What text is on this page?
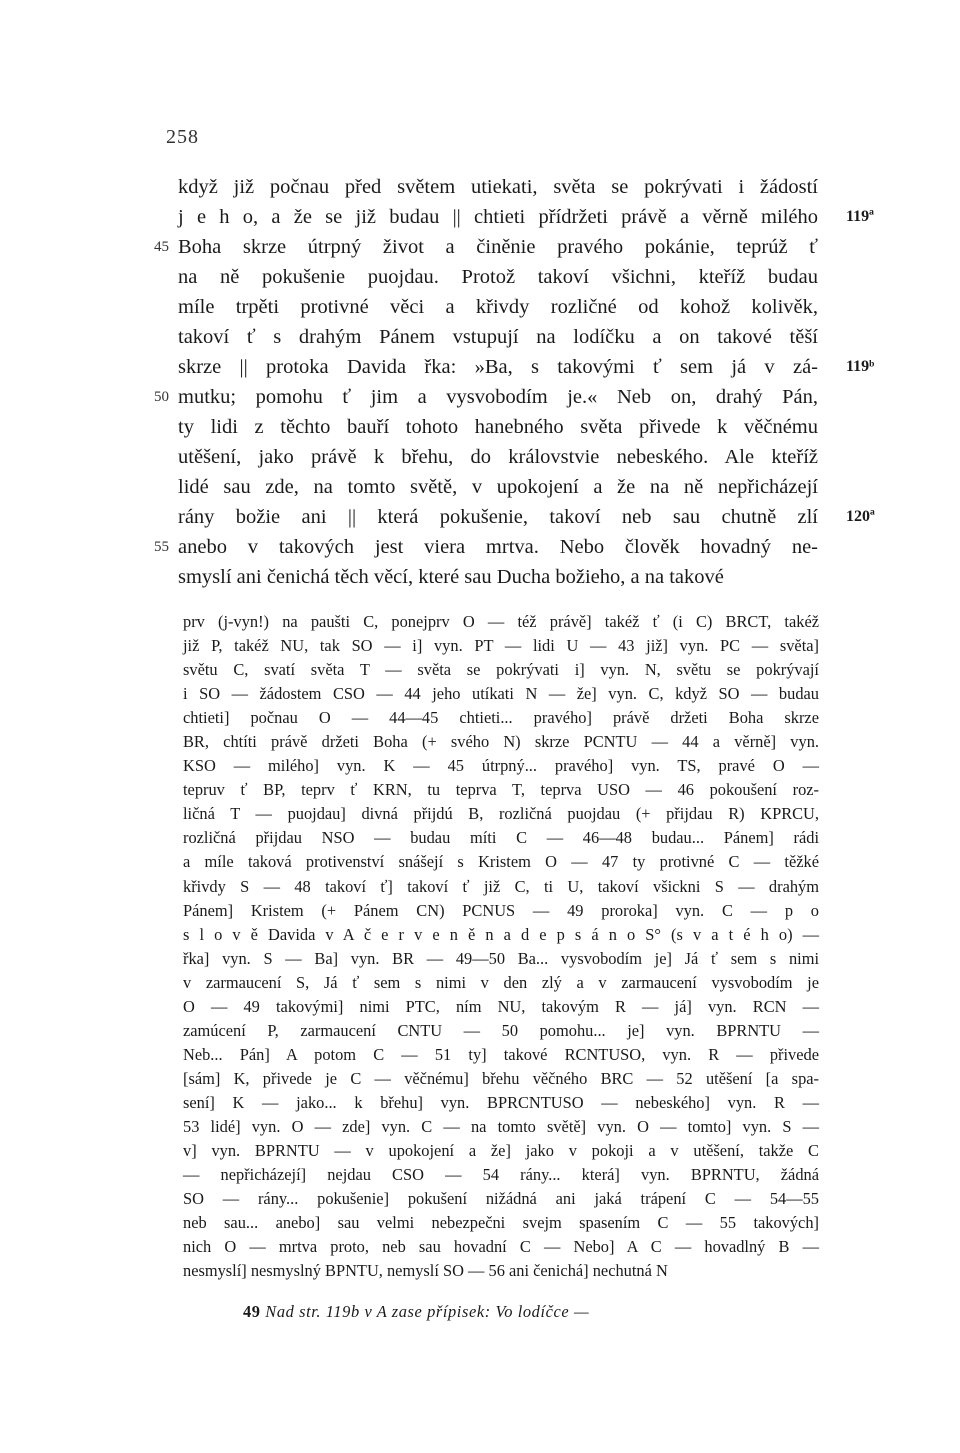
258
když již počnau před světem utiekati, světa se pokrývati i žádostí
j e h o, a že se již budau || chtieti přídržeti právě a věrně milého 119ª
Boha skrze útrpný život a činěnie pravého pokánie, teprúž ť
45
na ně pokušenie puojdau. Protož takoví všichni, kteříž budau
míle trpěti protivné věci a křivdy rozličné od kohož kolivěk,
takoví ť s drahým Pánem vstupují na lodíčku a on takové těší
skrze || protoka Davida řka: »Ba, s takovými ť sem já v zá- 119ᵇ
mutku; pomohu ť jim a vysvobodím je.« Neb on, drahý Pán,
50
ty lidi z těchto bauří tohoto hanebného světa přivede k věčnému
utěšení, jako právě k břehu, do královstvie nebeského. Ale kteříž
lidé sau zde, na tomto světě, v upokojení a že na ně nepřicházejí
rány božie ani || která pokušenie, takoví neb sau chutně zlí 120ª
anebo v takových jest viera mrtva. Nebo člověk hovadný ne-
55
smyslí ani čenichá těch věcí, které sau Ducha božieho, a na takové
prv (j-vyn!) na paušti C, ponejprv O — též právě] takéž ť (i C) BRCT, takéž
již P, takéž NU, tak SO — i] vyn. PT — lidi U — 43 již] vyn. PC — světa]
světu C, svatí světa T — světa se pokrývati i] vyn. N, světu se pokrývají
i SO — žádostem CSO — 44 jeho utíkati N — že] vyn. C, když SO — budau
chtieti] počnau O — 44—45 chtieti... pravého] právě držeti Boha skrze
BR, chtíti právě držeti Boha (+ svého N) skrze PCNTU — 44 a věrně] vyn.
KSO — milého] vyn. K — 45 útrpný... pravého] vyn. TS, pravé O —
tepruv ť BP, teprv ť KRN, tu teprva T, teprva USO — 46 pokoušení roz-
ličná T — puojdau] divná přijdú B, rozličná puojdau (+ přijdau R) KPRCU,
rozličná přijdau NSO — budau míti C — 46—48 budau... Pánem] rádi
a míle taková protivenství snášejí s Kristem O — 47 ty protivné C — těžké
křivdy S — 48 takoví ť] takoví ť již C, ti U, takoví všickni S — drahým
Pánem] Kristem (+ Pánem CN) PCNUS — 49 proroka] vyn. C — p o
s l o v ě Davida v A č e r v e n ě n a d e p s á n o S° (s v a t é h o) —
řka] vyn. S — Ba] vyn. BR — 49—50 Ba... vysvobodím je] Já ť sem s nimi
v zarmaucení S, Já ť sem s nimi v den zlý a v zarmaucení vysvobodím je
O — 49 takovými] nimi PTC, ním NU, takovým R — já] vyn. RCN —
zamúcení P, zarmaucení CNTU — 50 pomohu... je] vyn. BPRNTU —
Neb... Pán] A potom C — 51 ty] takové RCNTUSO, vyn. R — přivede
[sám] K, přivede je C — věčnému] břehu věčného BRC — 52 utěšení [a spa-
sení] K — jako... k břehu] vyn. BPRCNTUSO — nebeského] vyn. R —
53 lidé] vyn. O — zde] vyn. C — na tomto světě] vyn. O — tomto] vyn. S —
v] vyn. BPRNTU — v upokojení a že] jako v pokoji a v utěšení, takže C
— nepřicházejí] nejdau CSO — 54 rány... která] vyn. BPRNTU, žádná
SO — rány... pokušenie] pokušení nižádná ani jaká trápení C — 54—55
neb sau... anebo] sau velmi nebezpečni svejm spasením C — 55 takových]
nich O — mrtva proto, neb sau hovadní C — Nebo] A C — hovadlný B —
nesmyslí] nesmyslný BPNTU, nemyslí SO — 56 ani čenichá] nechutná N
49 Nad str. 119b v A zase přípisek: Vo lodíčce —
